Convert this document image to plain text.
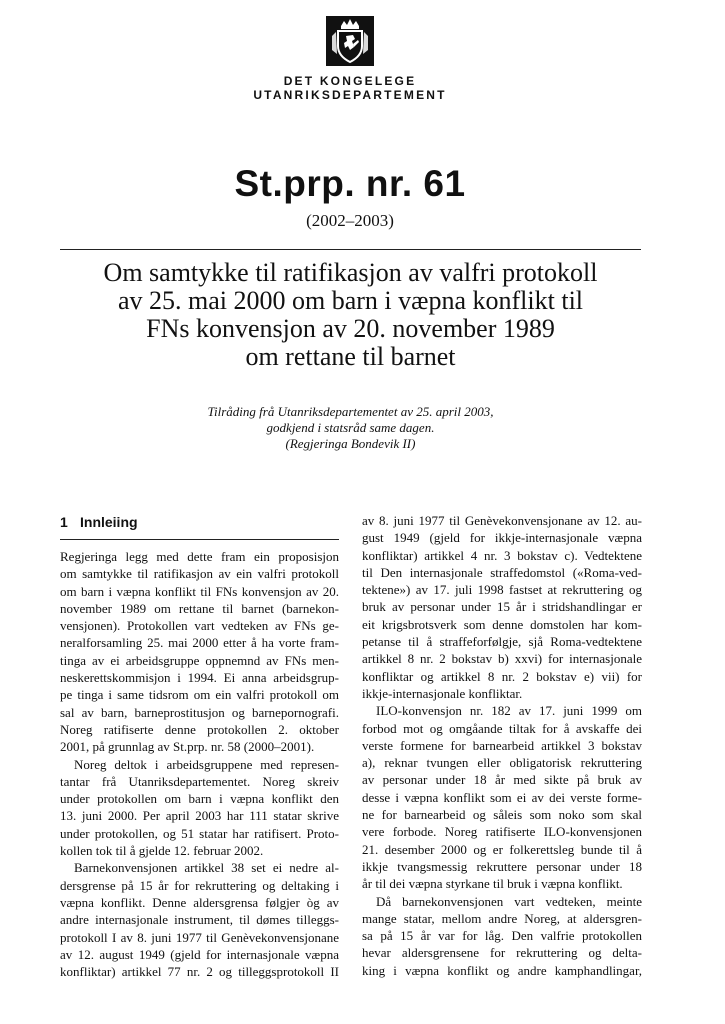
DET KONGELEGE
UTANRIKSDEPARTEMENT
St.prp. nr. 61
(2002–2003)
Om samtykke til ratifikasjon av valfri protokoll
av 25. mai 2000 om barn i væpna konflikt til
FNs konvensjon av 20. november 1989
om rettane til barnet
Tilråding frå Utanriksdepartementet av 25. april 2003,
godkjend i statsråd same dagen.
(Regjeringa Bondevik II)
1 Innleiing
Regjeringa legg med dette fram ein proposisjon
om samtykke til ratifikasjon av ein valfri protokoll
om barn i væpna konflikt til FNs konvensjon av 20.
november 1989 om rettane til barnet (barnekon-
vensjonen). Protokollen vart vedteken av FNs ge-
neralforsamling 25. mai 2000 etter å ha vorte fram-
tinga av ei arbeidsgruppe oppnemnd av FNs men-
neskerettskommisjon i 1994. Ei anna arbeidsgrup-
pe tinga i same tidsrom om ein valfri protokoll om
sal av barn, barneprostitusjon og barnepornografi.
Noreg ratifiserte denne protokollen 2. oktober
2001, på grunnlag av St.prp. nr. 58 (2000–2001).
Noreg deltok i arbeidsgruppene med represen-
tantar frå Utanriksdepartementet. Noreg skreiv
under protokollen om barn i væpna konflikt den
13. juni 2000. Per april 2003 har 111 statar skrive
under protokollen, og 51 statar har ratifisert. Proto-
kollen tok til å gjelde 12. februar 2002.
Barnekonvensjonen artikkel 38 set ei nedre al-
dersgrense på 15 år for rekruttering og deltaking i
væpna konflikt. Denne aldersgrensa følgjer òg av
andre internasjonale instrument, til dømes tilleggs-
protokoll I av 8. juni 1977 til Genèvekonvensjonane
av 12. august 1949 (gjeld for internasjonale væpna
konfliktar) artikkel 77 nr. 2 og tilleggsprotokoll II
av 8. juni 1977 til Genèvekonvensjonane av 12. au-
gust 1949 (gjeld for ikkje-internasjonale væpna
konfliktar) artikkel 4 nr. 3 bokstav c). Vedtektene
til Den internasjonale straffedomstol («Roma-ved-
tektene») av 17. juli 1998 fastset at rekruttering og
bruk av personar under 15 år i stridshandlingar er
eit krigsbrotsverk som denne domstolen har kom-
petanse til å straffeforfølgje, sjå Roma-vedtektene
artikkel 8 nr. 2 bokstav b) xxvi) for internasjonale
konfliktar og artikkel 8 nr. 2 bokstav e) vii) for
ikkje-internasjonale konfliktar.
ILO-konvensjon nr. 182 av 17. juni 1999 om
forbod mot og omgåande tiltak for å avskaffe dei
verste formene for barnearbeid artikkel 3 bokstav
a), reknar tvungen eller obligatorisk rekruttering
av personar under 18 år med sikte på bruk av
desse i væpna konflikt som ei av dei verste forme-
ne for barnearbeid og såleis som noko som skal
vere forbode. Noreg ratifiserte ILO-konvensjonen
21. desember 2000 og er folkerettsleg bunde til å
ikkje tvangsmessig rekruttere personar under 18
år til dei væpna styrkane til bruk i væpna konflikt.
Då barnekonvensjonen vart vedteken, meinte
mange statar, mellom andre Noreg, at aldersgren-
sa på 15 år var for låg. Den valfrie protokollen
hevar aldersgrensene for rekruttering og delta-
king i væpna konflikt og andre kamphandlingar,
